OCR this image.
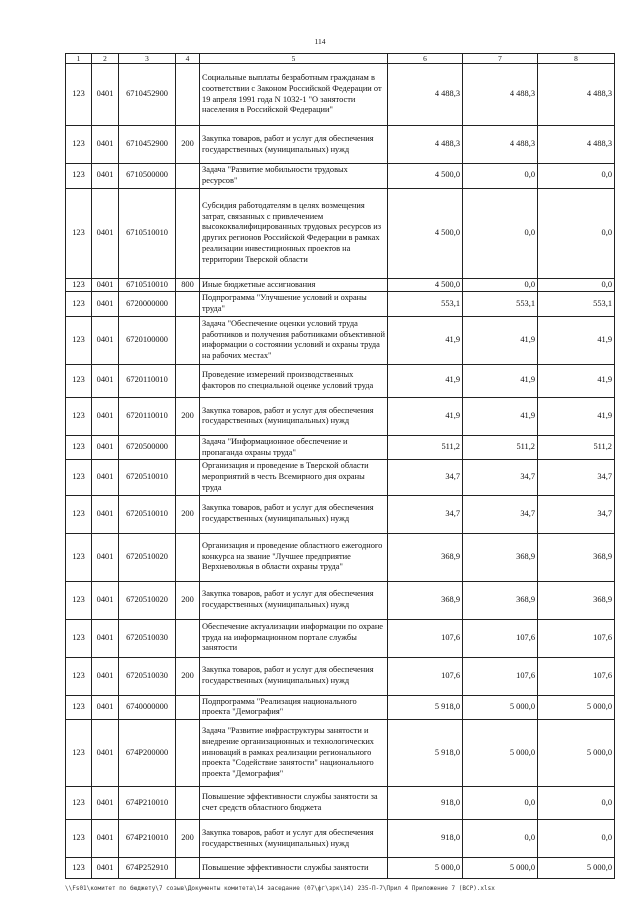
114
1	2	3	4	5	6	7	8
123	0401	6710452900		Социальные выплаты безработным гражданам в соответствии с Законом Российской Федерации от 19 апреля 1991 года N 1032-1 "О занятости населения в Российской Федерации"	4 488,3	4 488,3	4 488,3
123	0401	6710452900	200	Закупка товаров, работ и услуг для обеспечения государственных (муниципальных) нужд	4 488,3	4 488,3	4 488,3
123	0401	6710500000		Задача "Развитие мобильности трудовых ресурсов"	4 500,0	0,0	0,0
123	0401	6710510010		Субсидия работодателям в целях возмещения затрат, связанных с привлечением высококвалифицированных трудовых ресурсов из других регионов Российской Федерации в рамках реализации инвестиционных проектов на территории Тверской области	4 500,0	0,0	0,0
123	0401	6710510010	800	Иные бюджетные ассигнования	4 500,0	0,0	0,0
123	0401	6720000000		Подпрограмма "Улучшение условий и охраны труда"	553,1	553,1	553,1
123	0401	6720100000		Задача "Обеспечение оценки условий труда работников и получения работниками объективной информации о состоянии условий и охраны труда на рабочих местах"	41,9	41,9	41,9
123	0401	6720110010		Проведение измерений производственных факторов по специальной оценке условий труда	41,9	41,9	41,9
123	0401	6720110010	200	Закупка товаров, работ и услуг для обеспечения государственных (муниципальных) нужд	41,9	41,9	41,9
123	0401	6720500000		Задача "Информационное обеспечение и пропаганда охраны труда"	511,2	511,2	511,2
123	0401	6720510010		Организация и проведение в Тверской области мероприятий в честь Всемирного дня охраны труда	34,7	34,7	34,7
123	0401	6720510010	200	Закупка товаров, работ и услуг для обеспечения государственных (муниципальных) нужд	34,7	34,7	34,7
123	0401	6720510020		Организация и проведение областного ежегодного конкурса на звание "Лучшее предприятие Верхневолжья в области охраны труда"	368,9	368,9	368,9
123	0401	6720510020	200	Закупка товаров, работ и услуг для обеспечения государственных (муниципальных) нужд	368,9	368,9	368,9
123	0401	6720510030		Обеспечение актуализации информации по охране труда на информационном портале службы занятости	107,6	107,6	107,6
123	0401	6720510030	200	Закупка товаров, работ и услуг для обеспечения государственных (муниципальных) нужд	107,6	107,6	107,6
123	0401	6740000000		Подпрограмма "Реализация национального проекта "Демография"	5 918,0	5 000,0	5 000,0
123	0401	674P200000		Задача "Развитие инфраструктуры занятости и внедрение организационных и технологических инноваций в рамках реализации регионального проекта "Содействие занятости" национального проекта "Демография"	5 918,0	5 000,0	5 000,0
123	0401	674P210010		Повышение эффективности службы занятости за счет средств областного бюджета	918,0	0,0	0,0
123	0401	674P210010	200	Закупка товаров, работ и услуг для обеспечения государственных (муниципальных) нужд	918,0	0,0	0,0
123	0401	674P252910		Повышение эффективности службы занятости	5 000,0	5 000,0	5 000,0
\\Fs01\комитет по бюджету\7 созыв\Документы комитета\14 заседание (07\фг\зрк\14) 235-П-7\Прил 4 Приложение 7 (ВСР).xlsx
